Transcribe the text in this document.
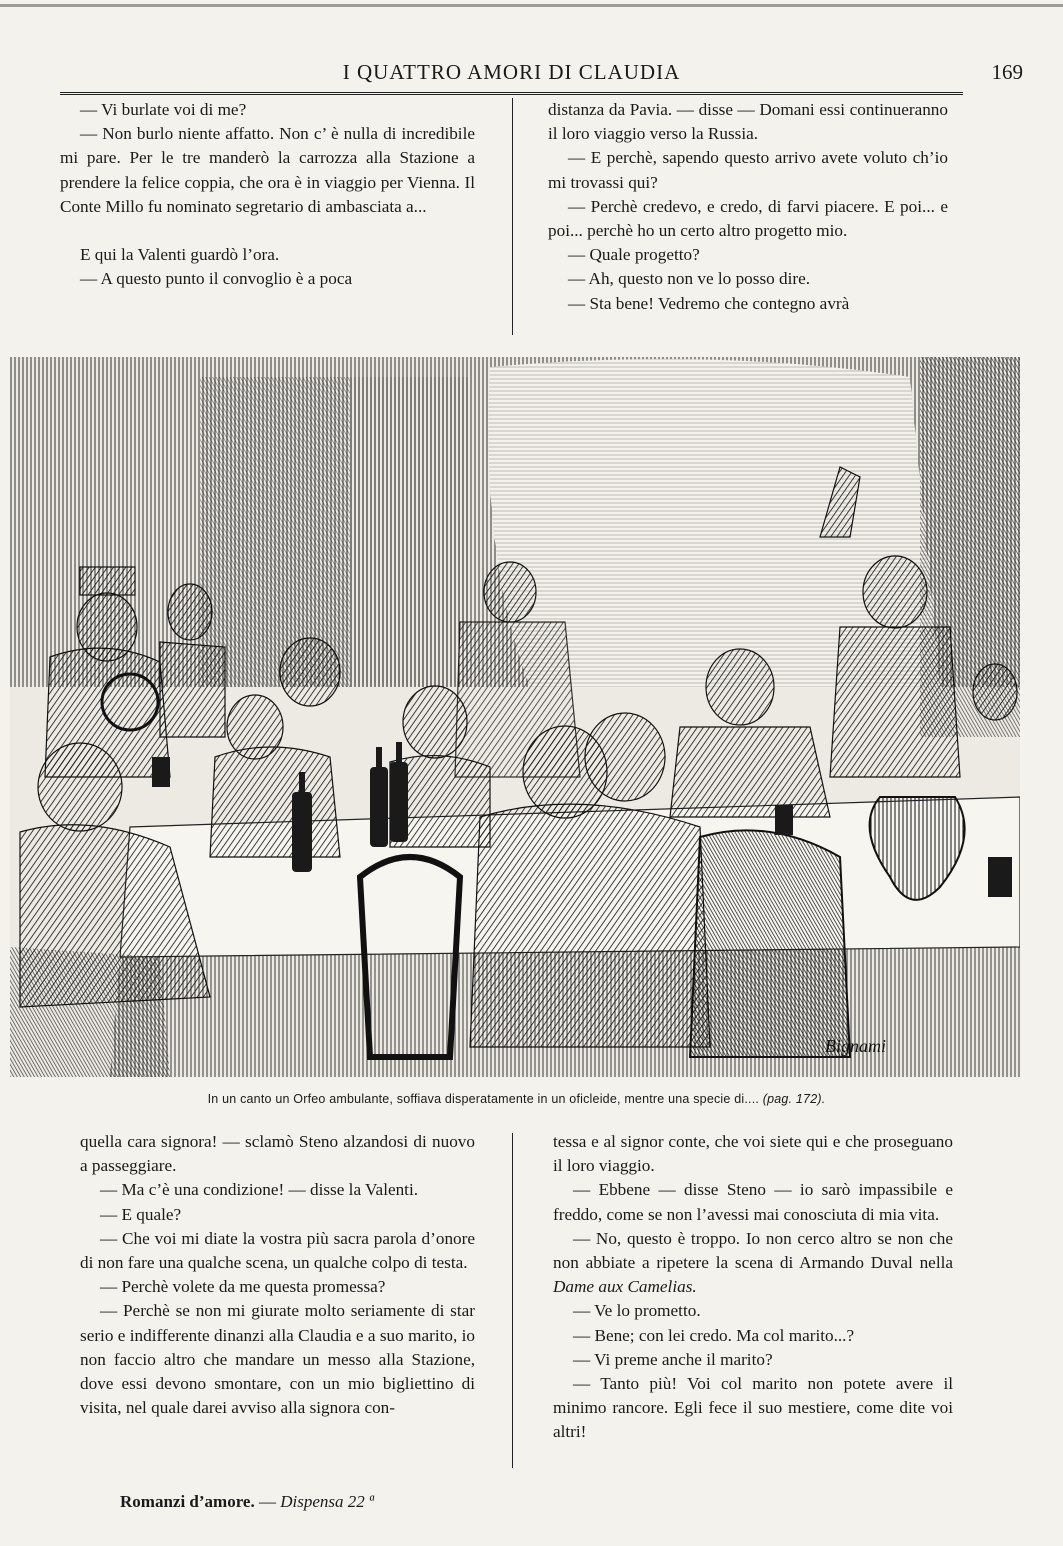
I QUATTRO AMORI DI CLAUDIA	169

— Vi burlate voi di me?

— Non burlo niente affatto. Non c’ è nulla di incredibile mi pare. Per le tre manderò la carrozza alla Stazione a prendere la felice coppia, che ora è in viaggio per Vienna. Il Conte Millo fu nominato segretario di ambasciata a...

E qui la Valenti guardò l’ora.

— A questo punto il convoglio è a poca

distanza da Pavia. — disse — Domani essi continueranno il loro viaggio verso la Russia.

— E perchè, sapendo questo arrivo avete voluto ch’io mi trovassi qui?

— Perchè credevo, e credo, di farvi piacere. E poi... e poi... perchè ho un certo altro progetto mio.

— Quale progetto?

— Ah, questo non ve lo posso dire.

— Sta bene! Vedremo che contegno avrà

Bignami
In un canto un Orfeo ambulante, soffiava disperatamente in un oficleide, mentre una specie di.... (pag. 172).

quella cara signora! — sclamò Steno alzandosi di nuovo a passeggiare.

— Ma c’è una condizione! — disse la Valenti.

— E quale?

— Che voi mi diate la vostra più sacra parola d’onore di non fare una qualche scena, un qualche colpo di testa.

— Perchè volete da me questa promessa?

— Perchè se non mi giurate molto seriamente di star serio e indifferente dinanzi alla Claudia e a suo marito, io non faccio altro che mandare un messo alla Stazione, dove essi devono smontare, con un mio bigliettino di visita, nel quale darei avviso alla signora con-

tessa e al signor conte, che voi siete qui e che proseguano il loro viaggio.

— Ebbene — disse Steno — io sarò impassibile e freddo, come se non l’avessi mai conosciuta di mia vita.

— No, questo è troppo. Io non cerco altro se non che non abbiate a ripetere la scena di Armando Duval nella Dame aux Camelias.

— Ve lo prometto.

— Bene; con lei credo. Ma col marito...?

— Vi preme anche il marito?

— Tanto più! Voi col marito non potete avere il minimo rancore. Egli fece il suo mestiere, come dite voi altri!

Romanzi d’amore. — Dispensa 22 ª
